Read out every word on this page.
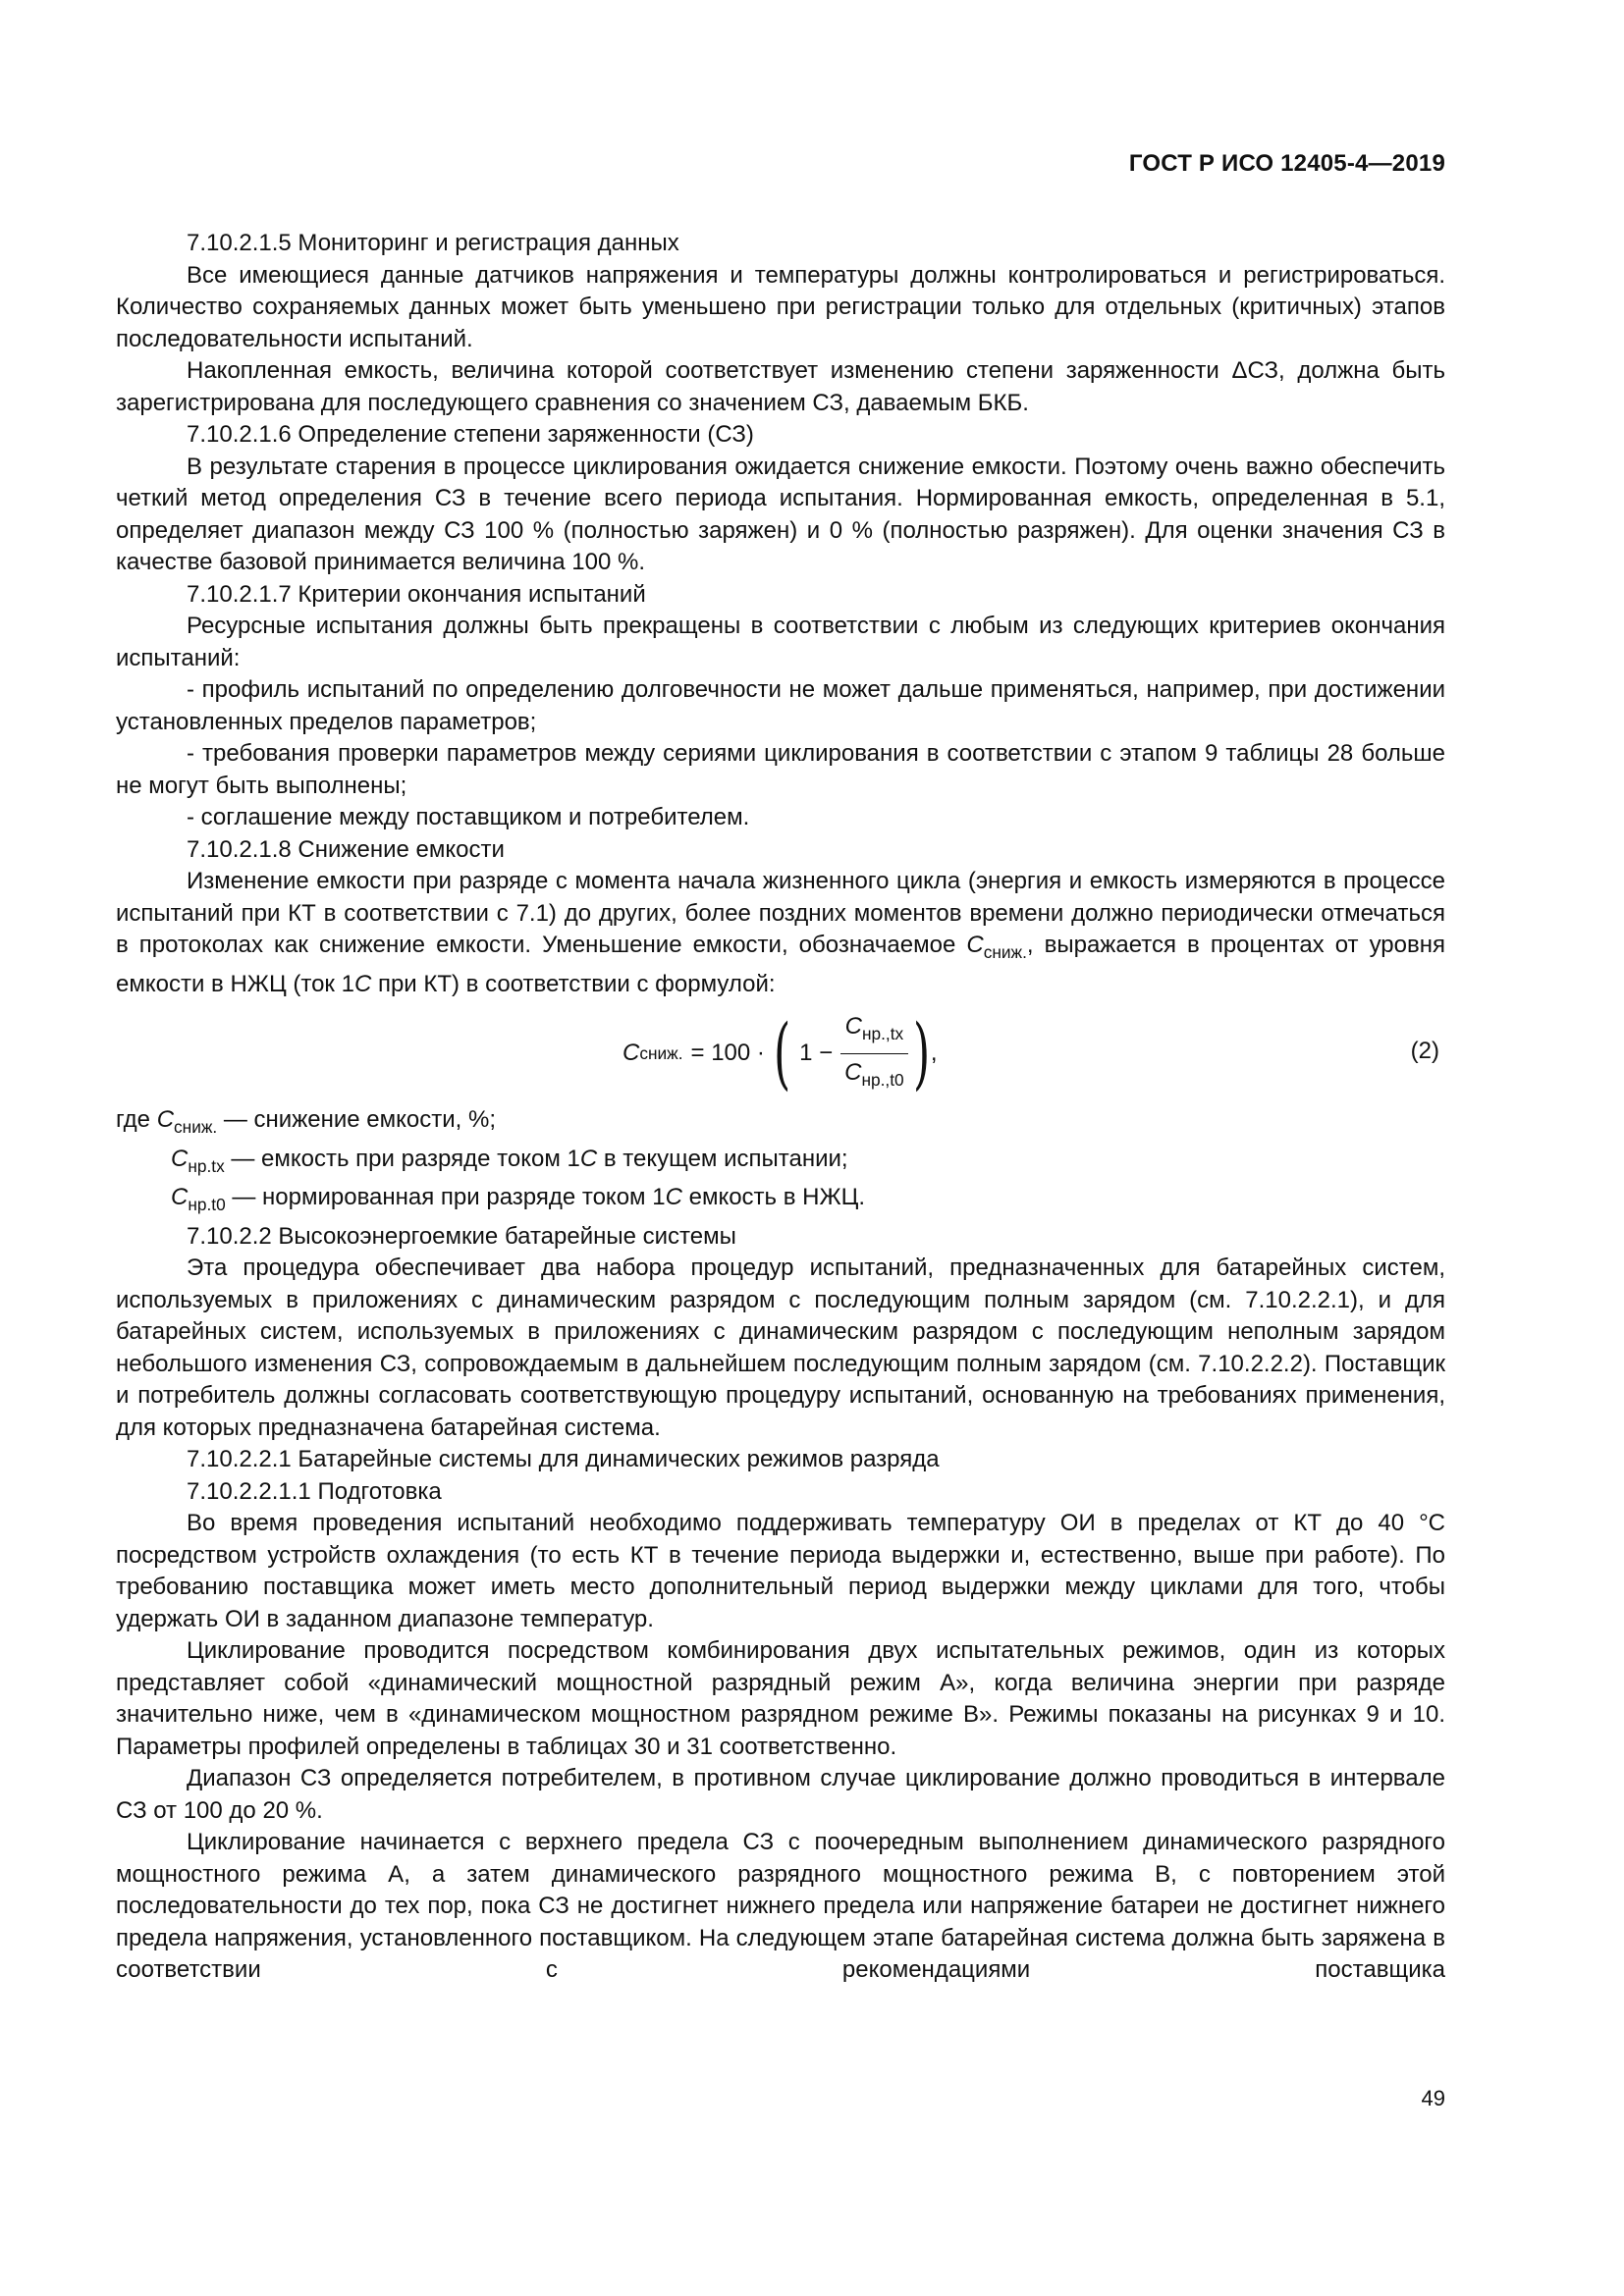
ГОСТ Р ИСО 12405-4—2019

7.10.2.1.5 Мониторинг и регистрация данных

Все имеющиеся данные датчиков напряжения и температуры должны контролироваться и регистрироваться. Количество сохраняемых данных может быть уменьшено при регистрации только для отдельных (критичных) этапов последовательности испытаний.

Накопленная емкость, величина которой соответствует изменению степени заряженности ΔСЗ, должна быть зарегистрирована для последующего сравнения со значением СЗ, даваемым БКБ.

7.10.2.1.6 Определение степени заряженности (СЗ)

В результате старения в процессе циклирования ожидается снижение емкости. Поэтому очень важно обеспечить четкий метод определения СЗ в течение всего периода испытания. Нормированная емкость, определенная в 5.1, определяет диапазон между СЗ 100 % (полностью заряжен) и 0 % (полностью разряжен). Для оценки значения СЗ в качестве базовой принимается величина 100 %.

7.10.2.1.7 Критерии окончания испытаний

Ресурсные испытания должны быть прекращены в соответствии с любым из следующих критериев окончания испытаний:

- профиль испытаний по определению долговечности не может дальше применяться, например, при достижении установленных пределов параметров;

- требования проверки параметров между сериями циклирования в соответствии с этапом 9 таблицы 28 больше не могут быть выполнены;

- соглашение между поставщиком и потребителем.

7.10.2.1.8 Снижение емкости

Изменение емкости при разряде с момента начала жизненного цикла (энергия и емкость измеряются в процессе испытаний при КТ в соответствии с 7.1) до других, более поздних моментов времени должно периодически отмечаться в протоколах как снижение емкости. Уменьшение емкости, обозначаемое $C_{сниж.}$, выражается в процентах от уровня емкости в НЖЦ (ток 1C при КТ) в соответствии с формулой:

C сниж. = 100 · ( $1 - \frac{C_{нр.,tx}}{C_{нр.,t0}}$ ) ,	(2)
где $C_{сниж.}$ — снижение емкости, %;
$C_{нр.tx}$ — емкость при разряде током 1C в текущем испытании;
$C_{нр.t0}$ — нормированная при разряде током 1C емкость в НЖЦ.

7.10.2.2 Высокоэнергоемкие батарейные системы

Эта процедура обеспечивает два набора процедур испытаний, предназначенных для батарейных систем, используемых в приложениях с динамическим разрядом с последующим полным зарядом (см. 7.10.2.2.1), и для батарейных систем, используемых в приложениях с динамическим разрядом с последующим неполным зарядом небольшого изменения СЗ, сопровождаемым в дальнейшем последующим полным зарядом (см. 7.10.2.2.2). Поставщик и потребитель должны согласовать соответствующую процедуру испытаний, основанную на требованиях применения, для которых предназначена батарейная система.

7.10.2.2.1 Батарейные системы для динамических режимов разряда

7.10.2.2.1.1 Подготовка

Во время проведения испытаний необходимо поддерживать температуру ОИ в пределах от КТ до 40 °С посредством устройств охлаждения (то есть КТ в течение периода выдержки и, естественно, выше при работе). По требованию поставщика может иметь место дополнительный период выдержки между циклами для того, чтобы удержать ОИ в заданном диапазоне температур.

Циклирование проводится посредством комбинирования двух испытательных режимов, один из которых представляет собой «динамический мощностной разрядный режим А», когда величина энергии при разряде значительно ниже, чем в «динамическом мощностном разрядном режиме В». Режимы показаны на рисунках 9 и 10. Параметры профилей определены в таблицах 30 и 31 соответственно.

Диапазон СЗ определяется потребителем, в противном случае циклирование должно проводиться в интервале СЗ от 100 до 20 %.

Циклирование начинается с верхнего предела СЗ с поочередным выполнением динамического разрядного мощностного режима А, а затем динамического разрядного мощностного режима В, с повторением этой последовательности до тех пор, пока СЗ не достигнет нижнего предела или напряжение батареи не достигнет нижнего предела напряжения, установленного поставщиком. На следующем этапе батарейная система должна быть заряжена в соответствии с рекомендациями поставщика

49
